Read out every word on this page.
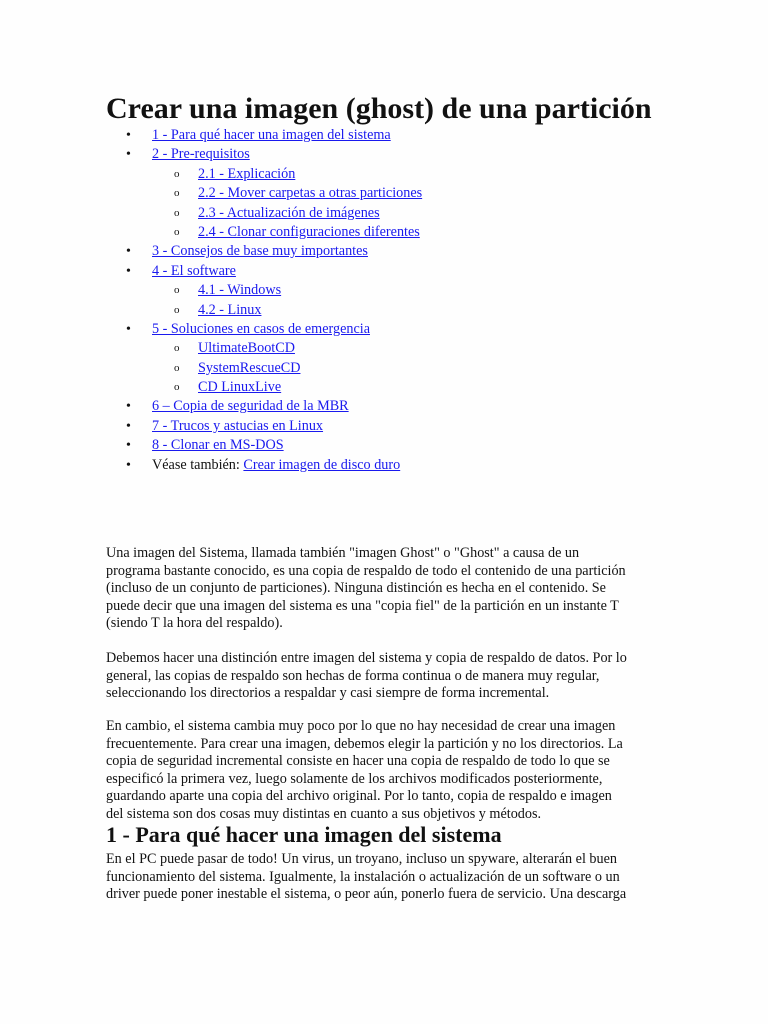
Crear una imagen (ghost) de una partición
• 1 - Para qué hacer una imagen del sistema
• 2 - Pre-requisitos
o 2.1 - Explicación
o 2.2 - Mover carpetas a otras particiones
o 2.3 - Actualización de imágenes
o 2.4 - Clonar configuraciones diferentes
• 3 - Consejos de base muy importantes
• 4 - El software
o 4.1 - Windows
o 4.2 - Linux
• 5 - Soluciones en casos de emergencia
o UltimateBootCD
o SystemRescueCD
o CD LinuxLive
• 6 – Copia de seguridad de la MBR
• 7 - Trucos y astucias en Linux
• 8 - Clonar en MS-DOS
• Véase también: Crear imagen de disco duro
Una imagen del Sistema, llamada también "imagen Ghost" o "Ghost" a causa de un
programa bastante conocido, es una copia de respaldo de todo el contenido de una partición
(incluso de un conjunto de particiones). Ninguna distinción es hecha en el contenido. Se
puede decir que una imagen del sistema es una "copia fiel" de la partición en un instante T
(siendo T la hora del respaldo).
Debemos hacer una distinción entre imagen del sistema y copia de respaldo de datos. Por lo
general, las copias de respaldo son hechas de forma continua o de manera muy regular,
seleccionando los directorios a respaldar y casi siempre de forma incremental.
En cambio, el sistema cambia muy poco por lo que no hay necesidad de crear una imagen
frecuentemente. Para crear una imagen, debemos elegir la partición y no los directorios. La
copia de seguridad incremental consiste en hacer una copia de respaldo de todo lo que se
especificó la primera vez, luego solamente de los archivos modificados posteriormente,
guardando aparte una copia del archivo original. Por lo tanto, copia de respaldo e imagen
del sistema son dos cosas muy distintas en cuanto a sus objetivos y métodos.
1 - Para qué hacer una imagen del sistema
En el PC puede pasar de todo! Un virus, un troyano, incluso un spyware, alterarán el buen
funcionamiento del sistema. Igualmente, la instalación o actualización de un software o un
driver puede poner inestable el sistema, o peor aún, ponerlo fuera de servicio. Una descarga
